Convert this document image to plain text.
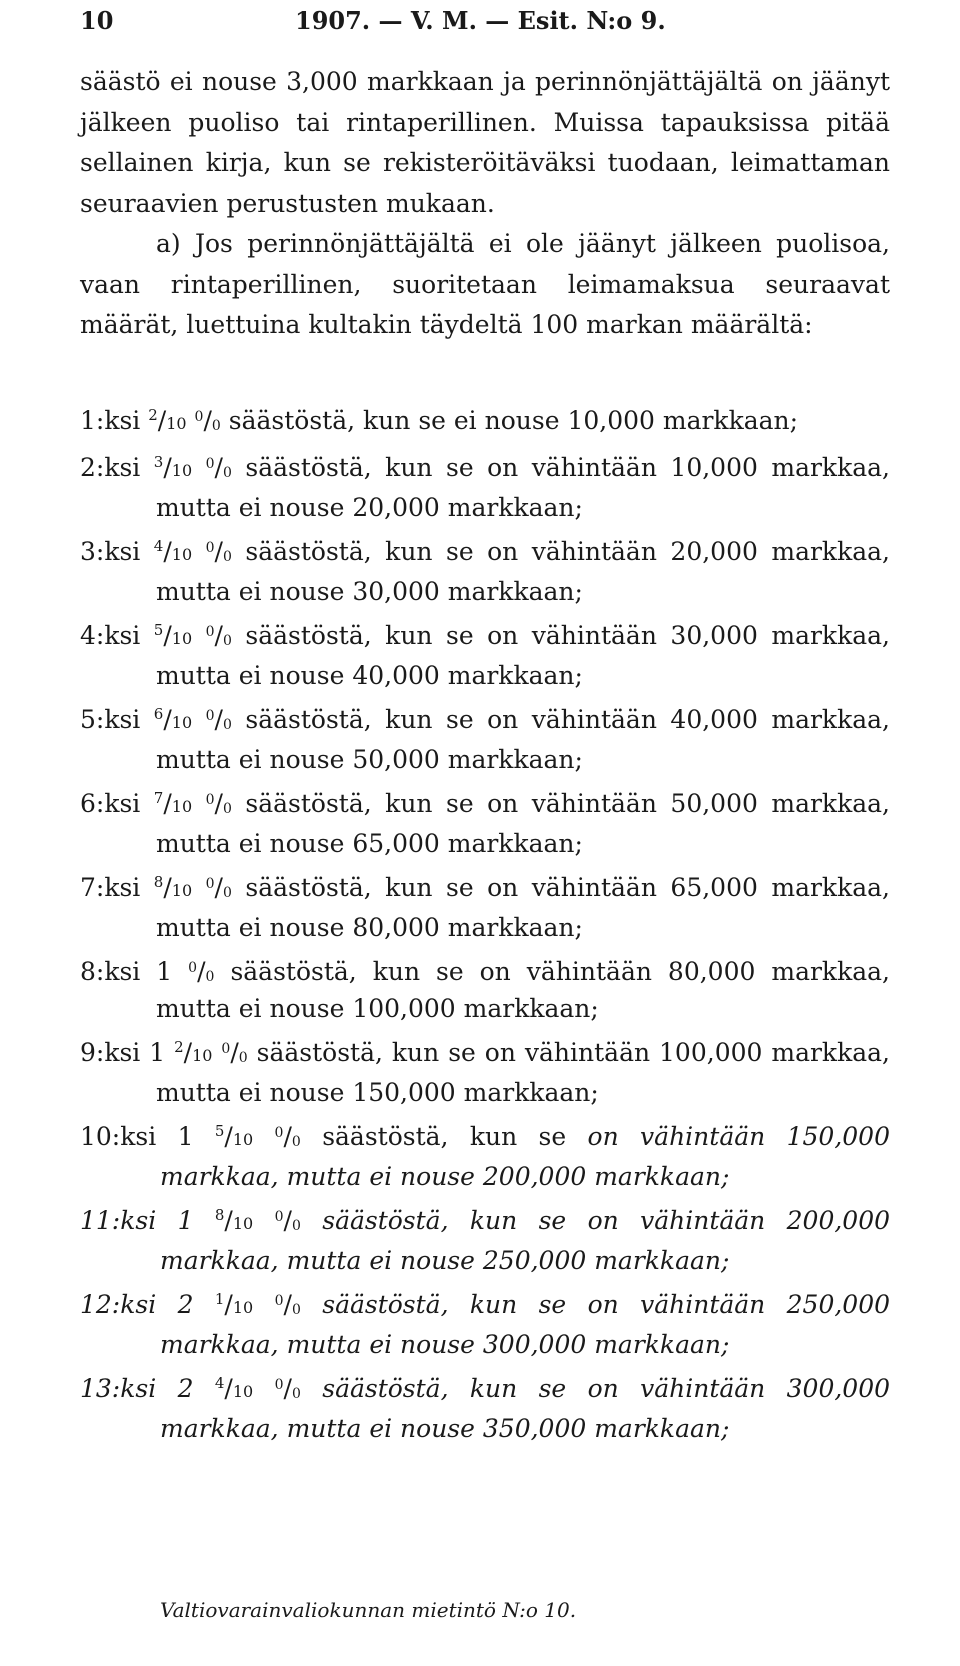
10	1907. — V. M. — Esit. N:o 9.

säästö ei nouse 3,000 markkaan ja perinnönjättäjältä on jäänyt jälkeen puoliso tai rintaperillinen. Muissa tapauksissa pitää sellainen kirja, kun se rekisteröitäväksi tuodaan, leimattaman seuraavien perustusten mukaan.

a) Jos perinnönjättäjältä ei ole jäänyt jälkeen puolisoa, vaan rintaperillinen, suoritetaan leimamaksua seuraavat määrät, luettuina kultakin täydeltä 100 markan määrältä:

1:ksi $^2$/10 $^0/_0$ säästöstä, kun se ei nouse 10,000 markkaan;
2:ksi $^3$/10 $^0/_0$ säästöstä, kun se on vähintään 10,000 markkaa, mutta ei nouse 20,000 markkaan;
3:ksi $^4$/10 $^0/_0$ säästöstä, kun se on vähintään 20,000 markkaa, mutta ei nouse 30,000 markkaan;
4:ksi $^5$/10 $^0/_0$ säästöstä, kun se on vähintään 30,000 markkaa, mutta ei nouse 40,000 markkaan;
5:ksi $^6$/10 $^0/_0$ säästöstä, kun se on vähintään 40,000 markkaa, mutta ei nouse 50,000 markkaan;
6:ksi $^7$/10 $^0/_0$ säästöstä, kun se on vähintään 50,000 markkaa, mutta ei nouse 65,000 markkaan;
7:ksi $^8$/10 $^0/_0$ säästöstä, kun se on vähintään 65,000 markkaa, mutta ei nouse 80,000 markkaan;
8:ksi 1 $^0/_0$ säästöstä, kun se on vähintään 80,000 markkaa, mutta ei nouse 100,000 markkaan;
9:ksi 1 $^2$/10 $^0/_0$ säästöstä, kun se on vähintään 100,000 markkaa, mutta ei nouse 150,000 markkaan;
10:ksi 1 $^5$/10 $^0/_0$ säästöstä, kun se on vähintään 150,000 markkaa, mutta ei nouse 200,000 markkaan;
11:ksi 1 $^8$/10 $^0/_0$ säästöstä, kun se on vähintään 200,000 markkaa, mutta ei nouse 250,000 markkaan;
12:ksi 2 $^1$/10 $^0/_0$ säästöstä, kun se on vähintään 250,000 markkaa, mutta ei nouse 300,000 markkaan;
13:ksi 2 $^4$/10 $^0/_0$ säästöstä, kun se on vähintään 300,000 markkaa, mutta ei nouse 350,000 markkaan;
Valtiovarainvaliokunnan mietintö N:o 10.
